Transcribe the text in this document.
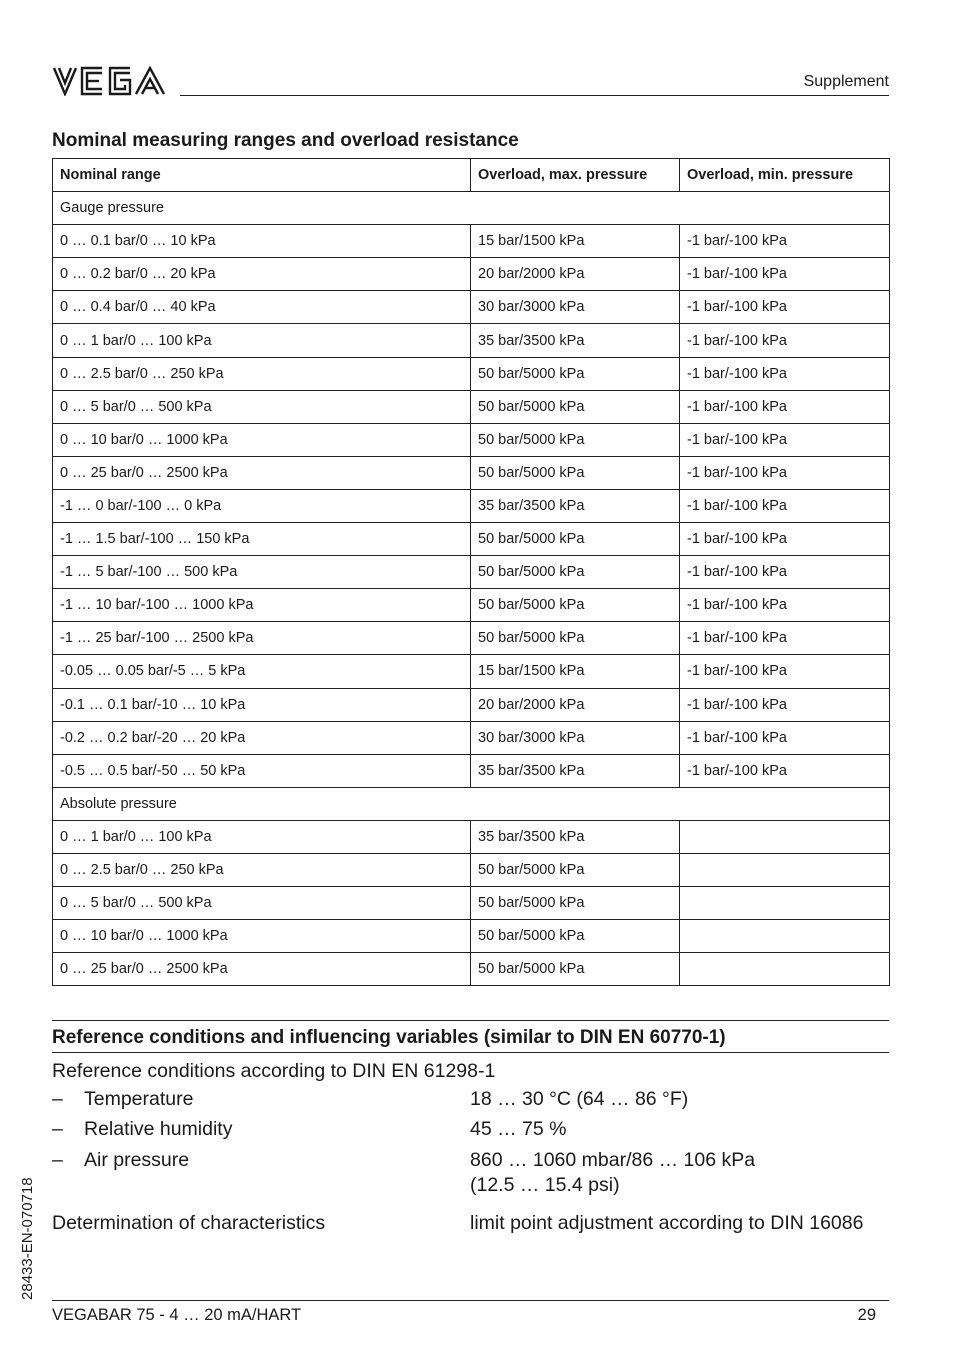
Supplement
Nominal measuring ranges and overload resistance
Nominal range	Overload, max. pressure	Overload, min. pressure
Gauge pressure		
0 … 0.1 bar/0 … 10 kPa	15 bar/1500 kPa	-1 bar/-100 kPa
0 … 0.2 bar/0 … 20 kPa	20 bar/2000 kPa	-1 bar/-100 kPa
0 … 0.4 bar/0 … 40 kPa	30 bar/3000 kPa	-1 bar/-100 kPa
0 … 1 bar/0 … 100 kPa	35 bar/3500 kPa	-1 bar/-100 kPa
0 … 2.5 bar/0 … 250 kPa	50 bar/5000 kPa	-1 bar/-100 kPa
0 … 5 bar/0 … 500 kPa	50 bar/5000 kPa	-1 bar/-100 kPa
0 … 10 bar/0 … 1000 kPa	50 bar/5000 kPa	-1 bar/-100 kPa
0 … 25 bar/0 … 2500 kPa	50 bar/5000 kPa	-1 bar/-100 kPa
-1 … 0 bar/-100 … 0 kPa	35 bar/3500 kPa	-1 bar/-100 kPa
-1 … 1.5 bar/-100 … 150 kPa	50 bar/5000 kPa	-1 bar/-100 kPa
-1 … 5 bar/-100 … 500 kPa	50 bar/5000 kPa	-1 bar/-100 kPa
-1 … 10 bar/-100 … 1000 kPa	50 bar/5000 kPa	-1 bar/-100 kPa
-1 … 25 bar/-100 … 2500 kPa	50 bar/5000 kPa	-1 bar/-100 kPa
-0.05 … 0.05 bar/-5 … 5 kPa	15 bar/1500 kPa	-1 bar/-100 kPa
-0.1 … 0.1 bar/-10 … 10 kPa	20 bar/2000 kPa	-1 bar/-100 kPa
-0.2 … 0.2 bar/-20 … 20 kPa	30 bar/3000 kPa	-1 bar/-100 kPa
-0.5 … 0.5 bar/-50 … 50 kPa	35 bar/3500 kPa	-1 bar/-100 kPa
Absolute pressure		
0 … 1 bar/0 … 100 kPa	35 bar/3500 kPa	
0 … 2.5 bar/0 … 250 kPa	50 bar/5000 kPa	
0 … 5 bar/0 … 500 kPa	50 bar/5000 kPa	
0 … 10 bar/0 … 1000 kPa	50 bar/5000 kPa	
0 … 25 bar/0 … 2500 kPa	50 bar/5000 kPa	
Reference conditions and influencing variables (similar to DIN EN 60770-1)
Reference conditions according to DIN EN 61298-1
– Temperature	18 … 30 °C (64 … 86 °F)
– Relative humidity	45 … 75 %
– Air pressure	860 … 1060 mbar/86 … 106 kPa
(12.5 … 15.4 psi)
Determination of characteristics	limit point adjustment according to DIN 16086
28433-EN-070718
VEGABAR 75 - 4 … 20 mA/HART	29
